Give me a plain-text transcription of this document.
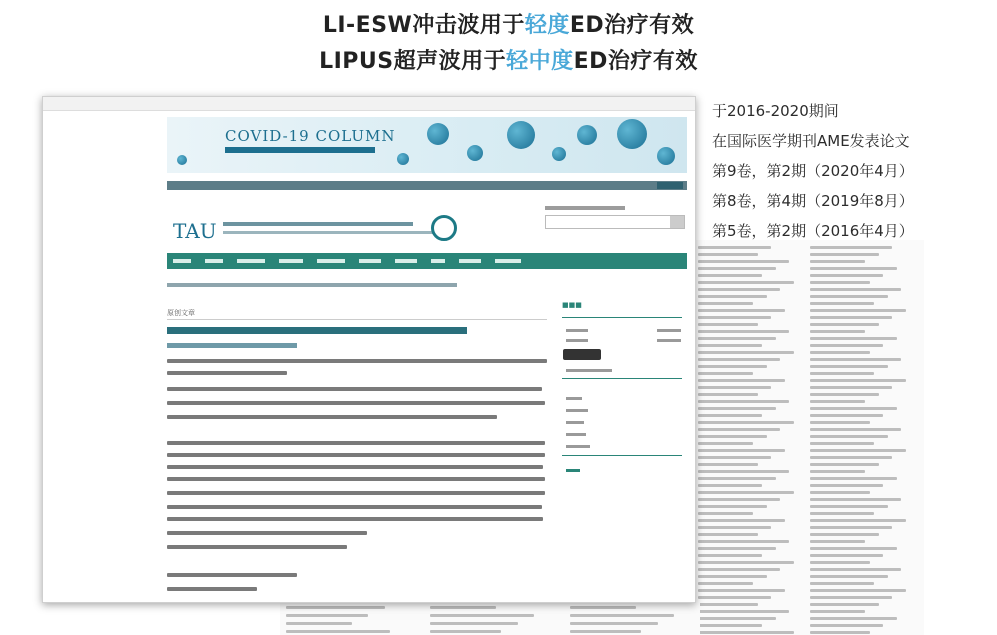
LI-ESW冲击波用于轻度ED治疗有效
LIPUS超声波用于轻中度ED治疗有效
于2016-2020期间
在国际医学期刊AME发表论文
第9卷，第2期（2020年4月）
第8卷，第4期（2019年8月）
第5卷，第2期（2016年4月）
COVID-19 COLUMN
TAU
原创文章
■■■
